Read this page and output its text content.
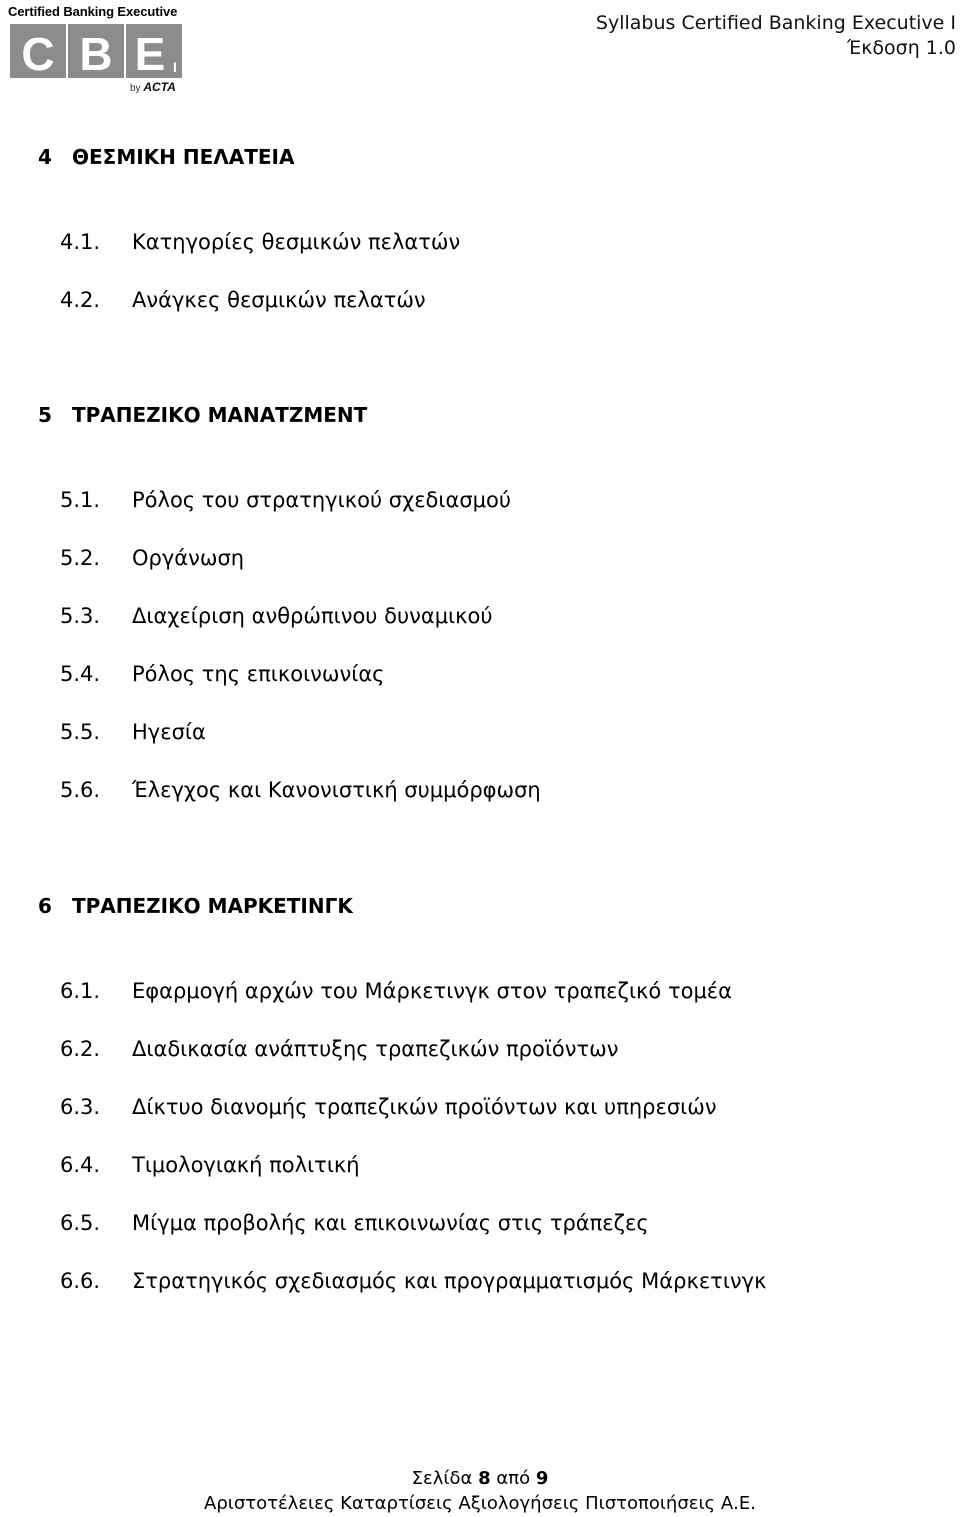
C B E I
Certified Banking Executive
by ACTA
Syllabus Certified Banking Executive I
Έκδοση 1.0
4 ΘΕΣΜΙΚΗ ΠΕΛΑΤΕΙΑ
4.1. Κατηγορίες θεσμικών πελατών
4.2. Ανάγκες θεσμικών πελατών
5 ΤΡΑΠΕΖΙΚΟ ΜΑΝΑΤΖΜΕΝΤ
5.1. Ρόλος του στρατηγικού σχεδιασμού
5.2. Οργάνωση
5.3. Διαχείριση ανθρώπινου δυναμικού
5.4. Ρόλος της επικοινωνίας
5.5. Ηγεσία
5.6. Έλεγχος και Κανονιστική συμμόρφωση
6 ΤΡΑΠΕΖΙΚΟ ΜΑΡΚΕΤΙΝΓΚ
6.1. Εφαρμογή αρχών του Μάρκετινγκ στον τραπεζικό τομέα
6.2. Διαδικασία ανάπτυξης τραπεζικών προϊόντων
6.3. Δίκτυο διανομής τραπεζικών προϊόντων και υπηρεσιών
6.4. Τιμολογιακή πολιτική
6.5. Μίγμα προβολής και επικοινωνίας στις τράπεζες
6.6. Στρατηγικός σχεδιασμός και προγραμματισμός Μάρκετινγκ
Σελίδα 8 από 9
Αριστοτέλειες Καταρτίσεις Αξιολογήσεις Πιστοποιήσεις Α.Ε.
